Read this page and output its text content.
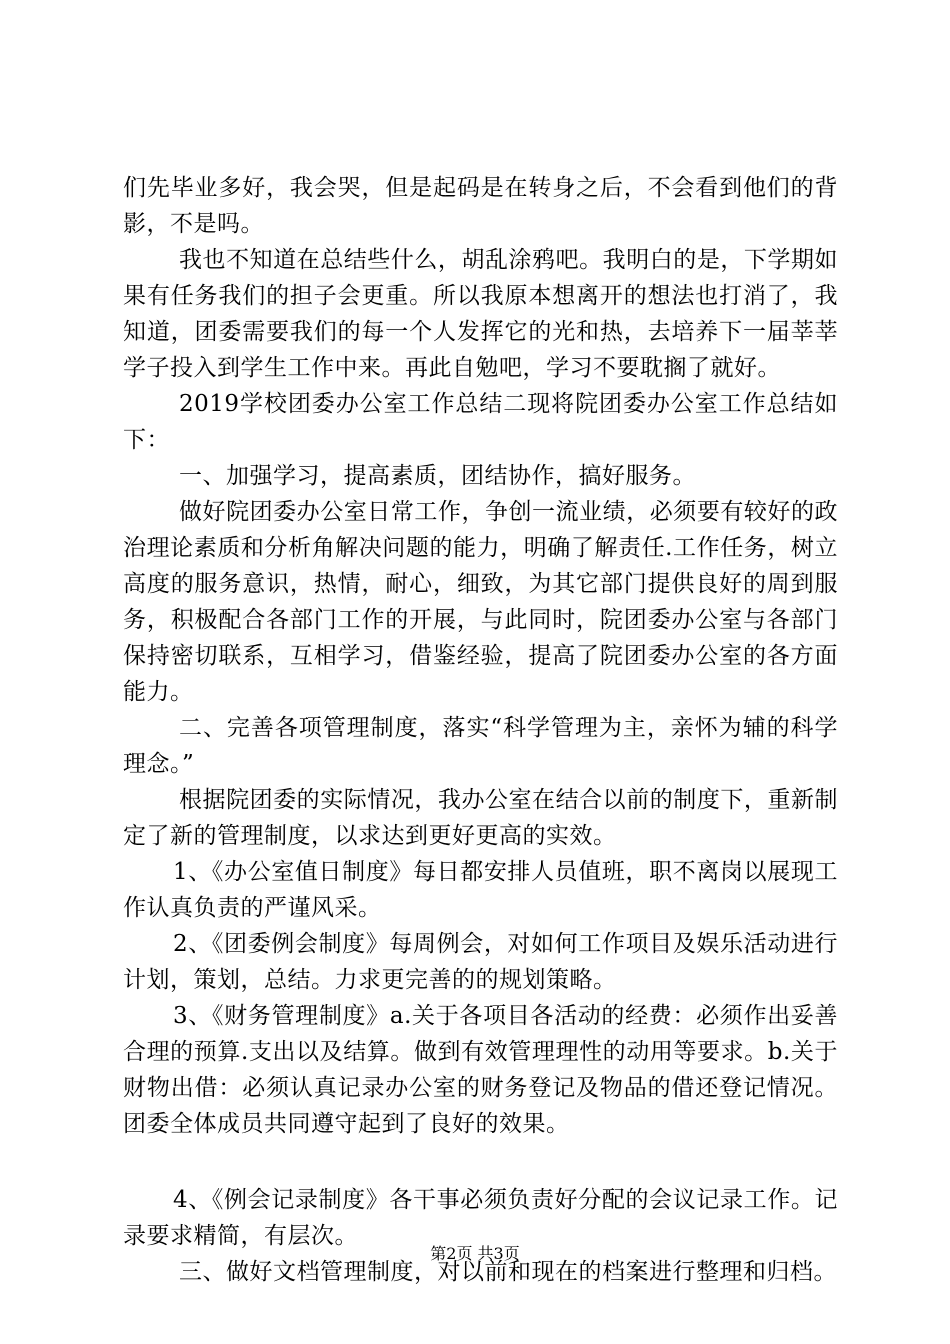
们先毕业多好，我会哭，但是起码是在转身之后，不会看到他们的背影，不是吗。

我也不知道在总结些什么，胡乱涂鸦吧。我明白的是，下学期如果有任务我们的担子会更重。所以我原本想离开的想法也打消了，我知道，团委需要我们的每一个人发挥它的光和热，去培养下一届莘莘学子投入到学生工作中来。再此自勉吧，学习不要耽搁了就好。

2019学校团委办公室工作总结二现将院团委办公室工作总结如下：

一、加强学习，提高素质，团结协作，搞好服务。

做好院团委办公室日常工作，争创一流业绩，必须要有较好的政治理论素质和分析角解决问题的能力，明确了解责任.工作任务，树立高度的服务意识，热情，耐心，细致，为其它部门提供良好的周到服务，积极配合各部门工作的开展，与此同时，院团委办公室与各部门保持密切联系，互相学习，借鉴经验，提高了院团委办公室的各方面能力。

二、完善各项管理制度，落实“科学管理为主，亲怀为辅的科学理念。”

根据院团委的实际情况，我办公室在结合以前的制度下，重新制定了新的管理制度，以求达到更好更高的实效。

1、《办公室值日制度》每日都安排人员值班，职不离岗以展现工作认真负责的严谨风采。

2、《团委例会制度》每周例会，对如何工作项目及娱乐活动进行计划，策划，总结。力求更完善的的规划策略。

3、《财务管理制度》a.关于各项目各活动的经费：必须作出妥善合理的预算.支出以及结算。做到有效管理理性的动用等要求。b.关于财物出借：必须认真记录办公室的财务登记及物品的借还登记情况。团委全体成员共同遵守起到了良好的效果。

4、《例会记录制度》各干事必须负责好分配的会议记录工作。记录要求精简，有层次。

三、做好文档管理制度，对以前和现在的档案进行整理和归档。

第2页 共3页
